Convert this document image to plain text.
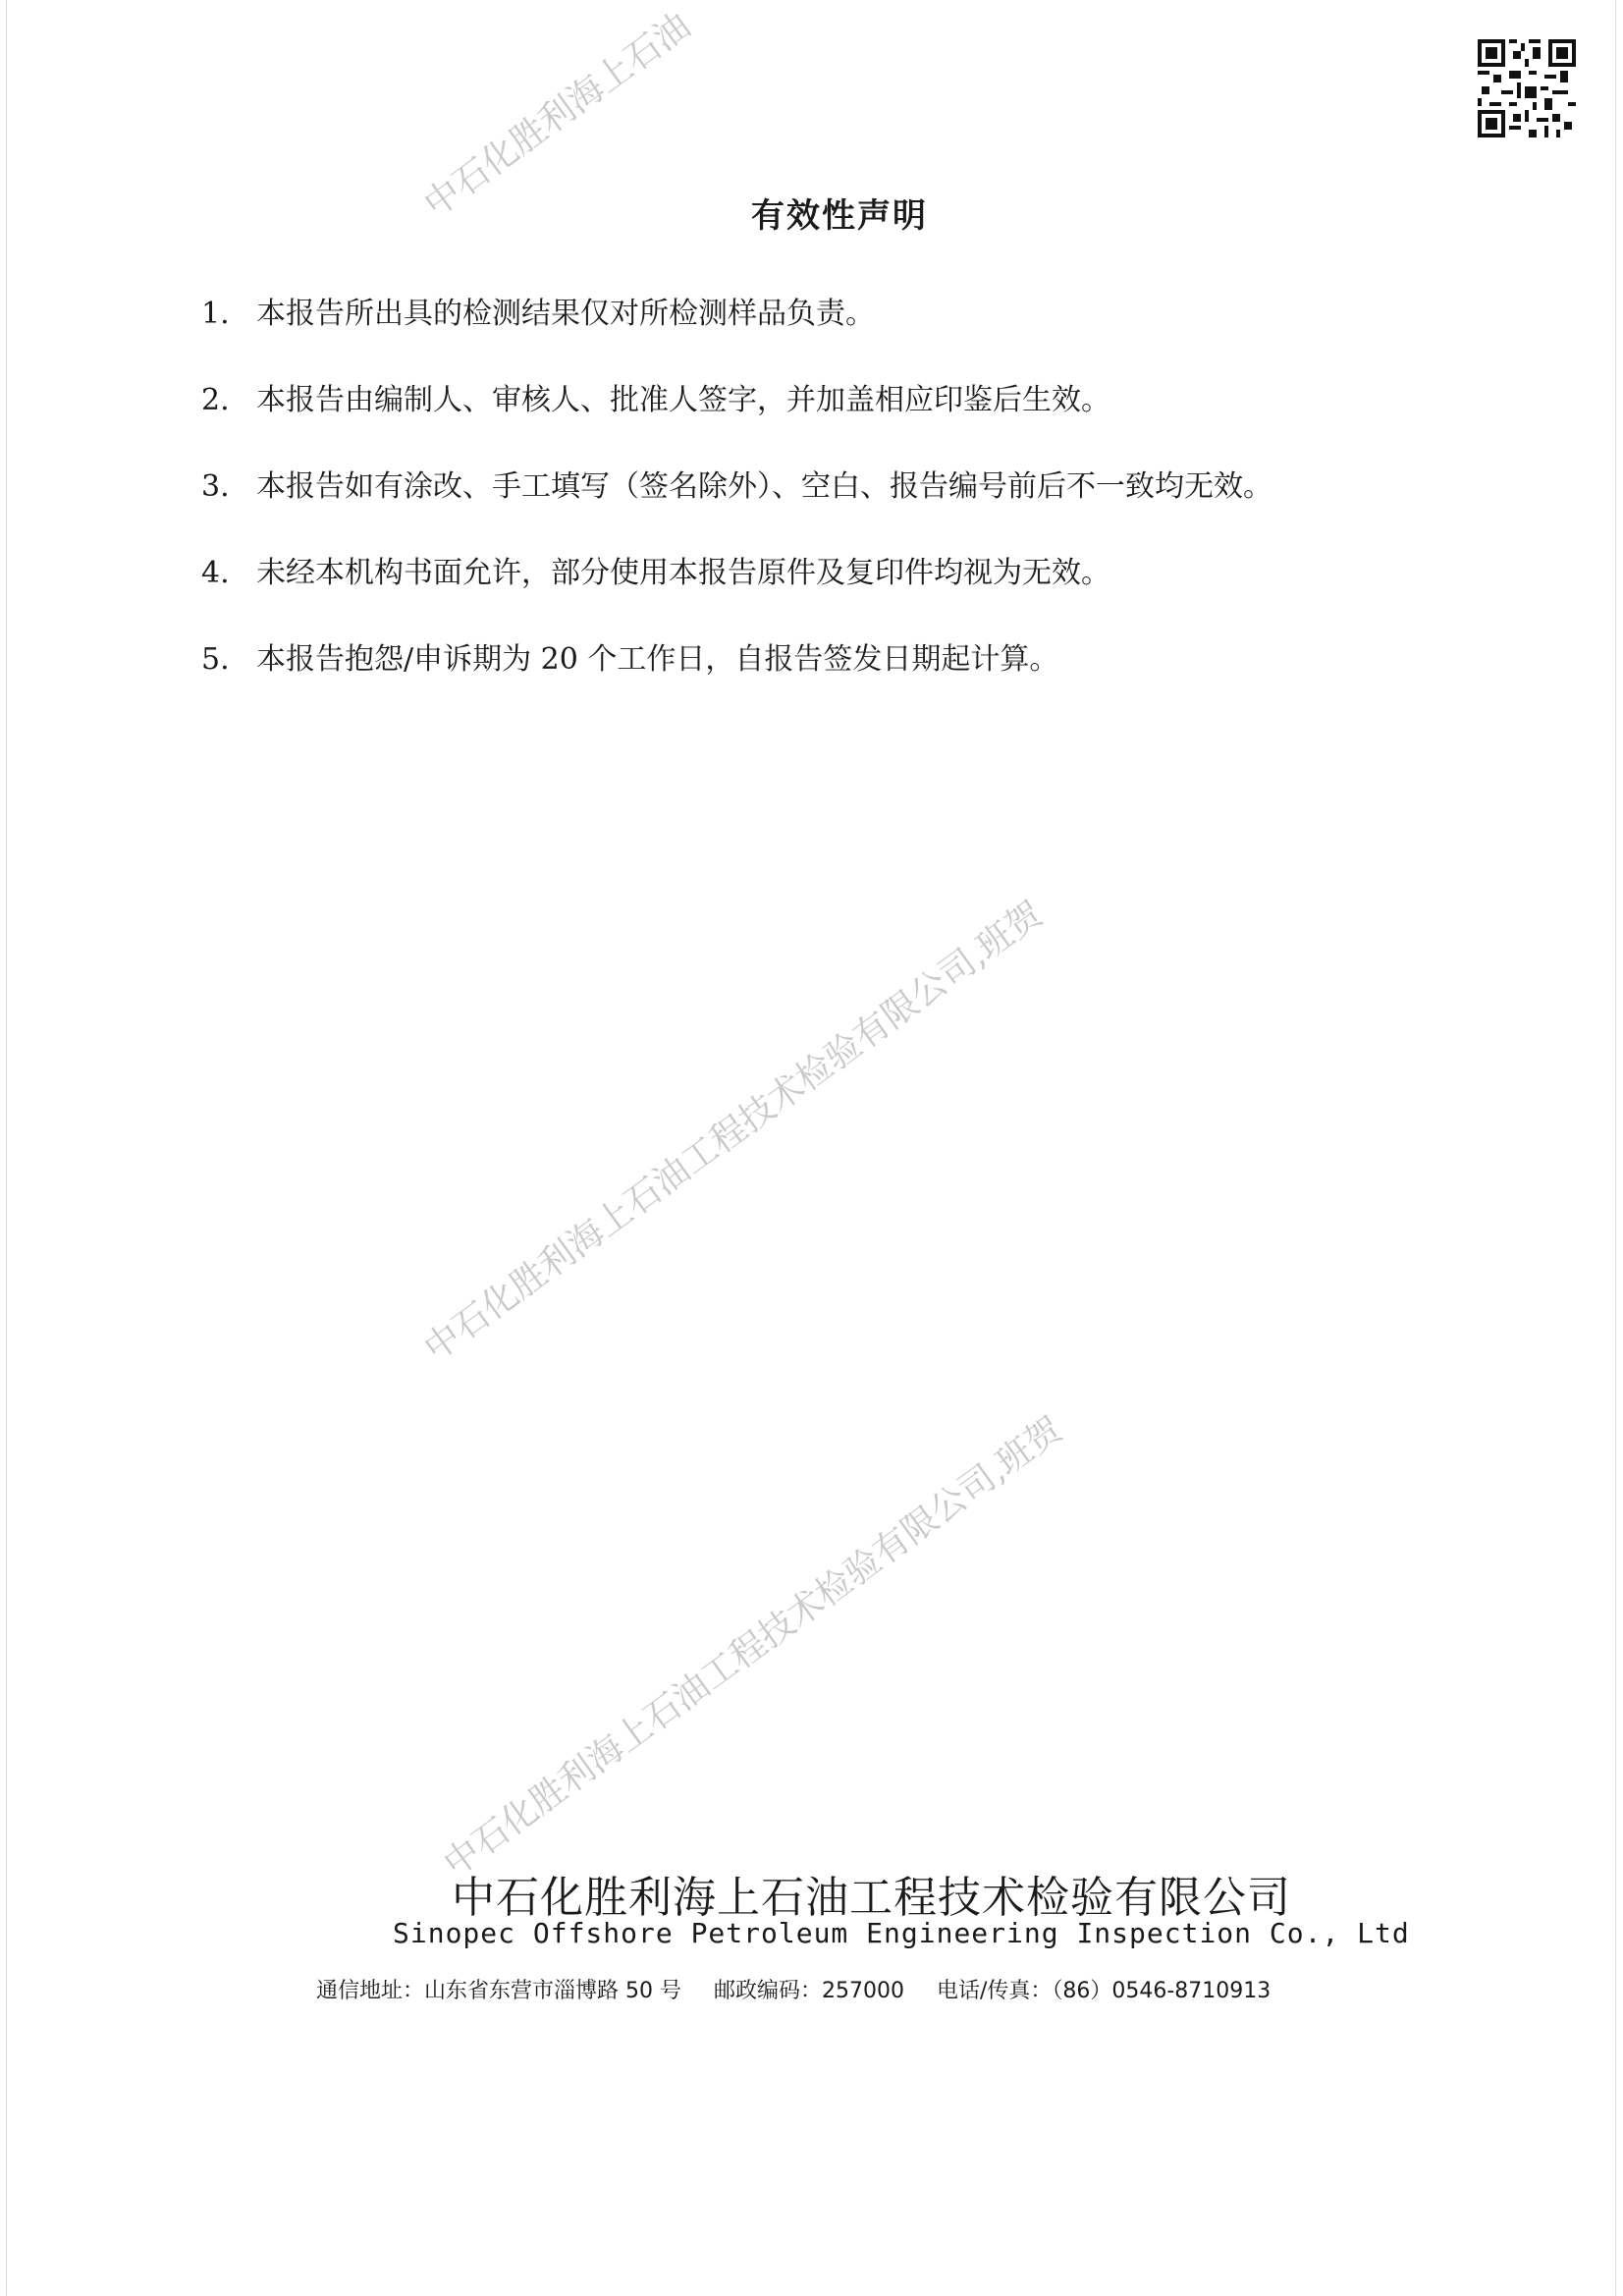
中石化胜利海上石油
中石化胜利海上石油工程技术检验有限公司,班贺
中石化胜利海上石油工程技术检验有限公司,班贺
有效性声明
1. 本报告所出具的检测结果仅对所检测样品负责。
2. 本报告由编制人、审核人、批准人签字，并加盖相应印鉴后生效。
3. 本报告如有涂改、手工填写（签名除外）、空白、报告编号前后不一致均无效。
4. 未经本机构书面允许，部分使用本报告原件及复印件均视为无效。
5. 本报告抱怨/申诉期为 20 个工作日，自报告签发日期起计算。
中石化胜利海上石油工程技术检验有限公司
Sinopec Offshore Petroleum Engineering Inspection Co., Ltd
通信地址：山东省东营市淄博路 50 号 邮政编码：257000 电话/传真：（86）0546-8710913
